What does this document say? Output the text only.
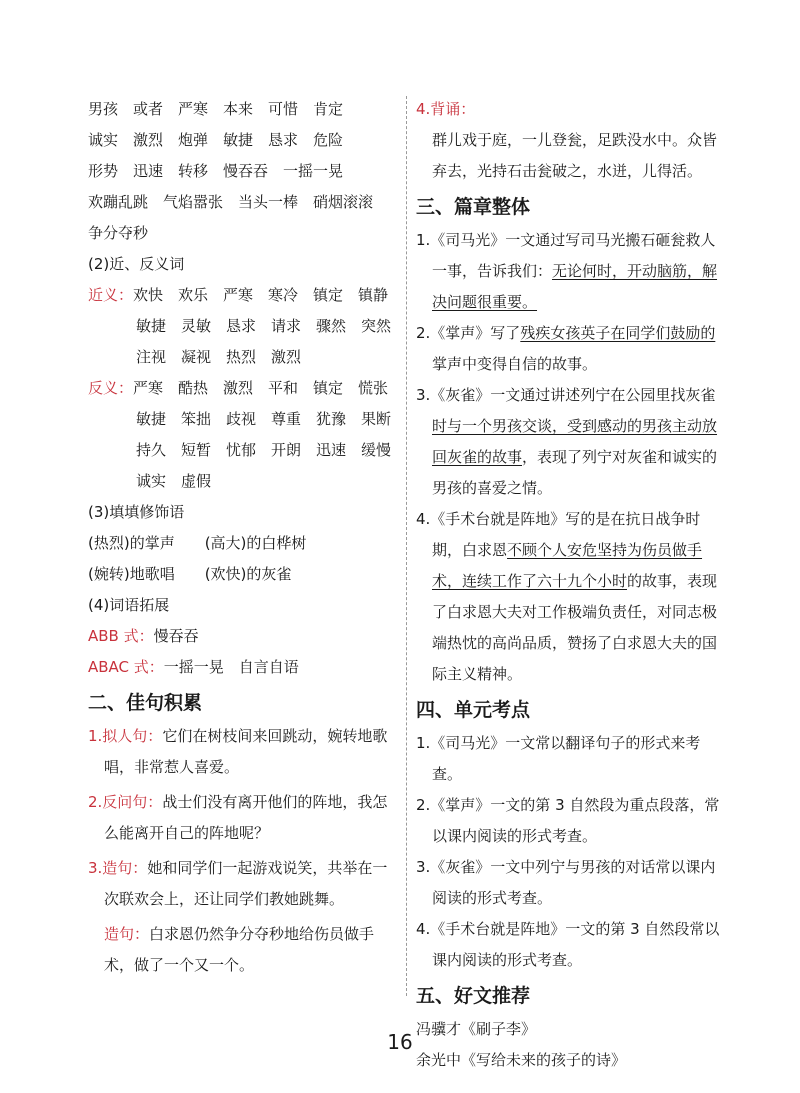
男孩　或者　严寒　本来　可惜　肯定
诚实　激烈　炮弹　敏捷　恳求　危险
形势　迅速　转移　慢吞吞　一摇一晃
欢蹦乱跳　气焰嚣张　当头一棒　硝烟滚滚
争分夺秒
(2)近、反义词
近义：欢快　欢乐　严寒　寒冷　镇定　镇静
敏捷　灵敏　恳求　请求　骤然　突然
注视　凝视　热烈　激烈
反义：严寒　酷热　激烈　平和　镇定　慌张
敏捷　笨拙　歧视　尊重　犹豫　果断
持久　短暂　忧郁　开朗　迅速　缓慢
诚实　虚假
(3)填填修饰语
(热烈)的掌声　　(高大)的白桦树
(婉转)地歌唱　　(欢快)的灰雀
(4)词语拓展
ABB 式：慢吞吞
ABAC 式：一摇一晃　自言自语
二、佳句积累
1.拟人句：它们在树枝间来回跳动，婉转地歌唱，非常惹人喜爱。
2.反问句：战士们没有离开他们的阵地，我怎么能离开自己的阵地呢？
3.造句：她和同学们一起游戏说笑，共举在一次联欢会上，还让同学们教她跳舞。
造句：白求恩仍然争分夺秒地给伤员做手术，做了一个又一个。
4.背诵：
群儿戏于庭，一儿登瓮，足跌没水中。众皆弃去，光持石击瓮破之，水迸，儿得活。
三、篇章整体
1.《司马光》一文通过写司马光搬石砸瓮救人一事，告诉我们：无论何时，开动脑筋，解决问题很重要。
2.《掌声》写了残疾女孩英子在同学们鼓励的掌声中变得自信的故事。
3.《灰雀》一文通过讲述列宁在公园里找灰雀时与一个男孩交谈，受到感动的男孩主动放回灰雀的故事，表现了列宁对灰雀和诚实的男孩的喜爱之情。
4.《手术台就是阵地》写的是在抗日战争时期，白求恩不顾个人安危坚持为伤员做手术，连续工作了六十九个小时的故事，表现了白求恩大夫对工作极端负责任，对同志极端热忱的高尚品质，赞扬了白求恩大夫的国际主义精神。
四、单元考点
1.《司马光》一文常以翻译句子的形式来考查。
2.《掌声》一文的第 3 自然段为重点段落，常以课内阅读的形式考查。
3.《灰雀》一文中列宁与男孩的对话常以课内阅读的形式考查。
4.《手术台就是阵地》一文的第 3 自然段常以课内阅读的形式考查。
五、好文推荐
冯骥才《刷子李》
余光中《写给未来的孩子的诗》
16
